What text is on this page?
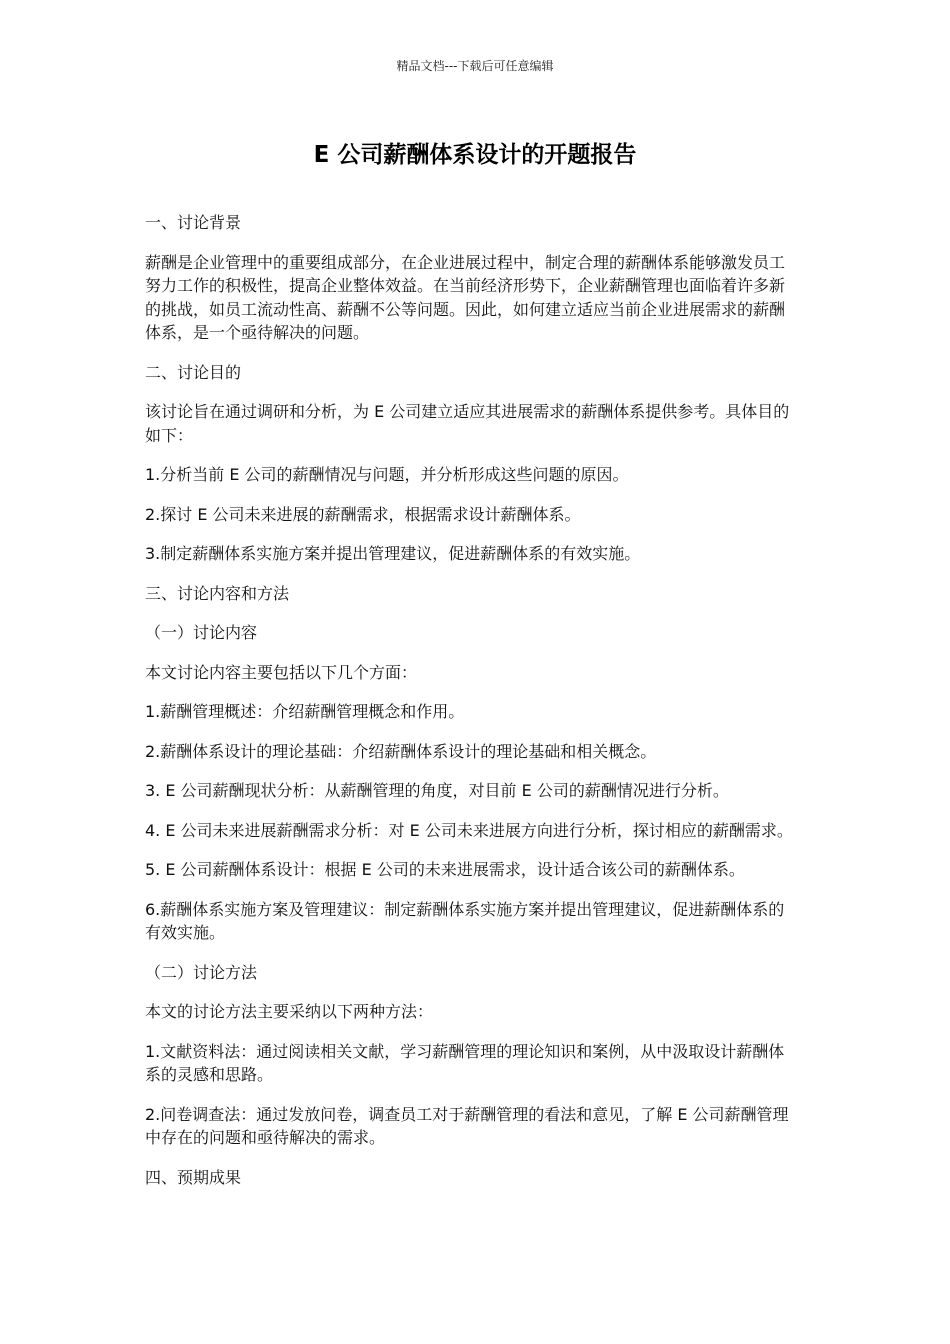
精品文档---下载后可任意编辑
E 公司薪酬体系设计的开题报告

一、讨论背景

薪酬是企业管理中的重要组成部分，在企业进展过程中，制定合理的薪酬体系能够激发员工努力工作的积极性，提高企业整体效益。在当前经济形势下，企业薪酬管理也面临着许多新的挑战，如员工流动性高、薪酬不公等问题。因此，如何建立适应当前企业进展需求的薪酬体系，是一个亟待解决的问题。

二、讨论目的

该讨论旨在通过调研和分析，为 E 公司建立适应其进展需求的薪酬体系提供参考。具体目的如下：

1.分析当前 E 公司的薪酬情况与问题，并分析形成这些问题的原因。

2.探讨 E 公司未来进展的薪酬需求，根据需求设计薪酬体系。

3.制定薪酬体系实施方案并提出管理建议，促进薪酬体系的有效实施。

三、讨论内容和方法

（一）讨论内容

本文讨论内容主要包括以下几个方面：

1.薪酬管理概述：介绍薪酬管理概念和作用。

2.薪酬体系设计的理论基础：介绍薪酬体系设计的理论基础和相关概念。

3. E 公司薪酬现状分析：从薪酬管理的角度，对目前 E 公司的薪酬情况进行分析。

4. E 公司未来进展薪酬需求分析：对 E 公司未来进展方向进行分析，探讨相应的薪酬需求。

5. E 公司薪酬体系设计：根据 E 公司的未来进展需求，设计适合该公司的薪酬体系。

6.薪酬体系实施方案及管理建议：制定薪酬体系实施方案并提出管理建议，促进薪酬体系的有效实施。

（二）讨论方法

本文的讨论方法主要采纳以下两种方法：

1.文献资料法：通过阅读相关文献，学习薪酬管理的理论知识和案例，从中汲取设计薪酬体系的灵感和思路。

2.问卷调查法：通过发放问卷，调查员工对于薪酬管理的看法和意见，了解 E 公司薪酬管理中存在的问题和亟待解决的需求。

四、预期成果
